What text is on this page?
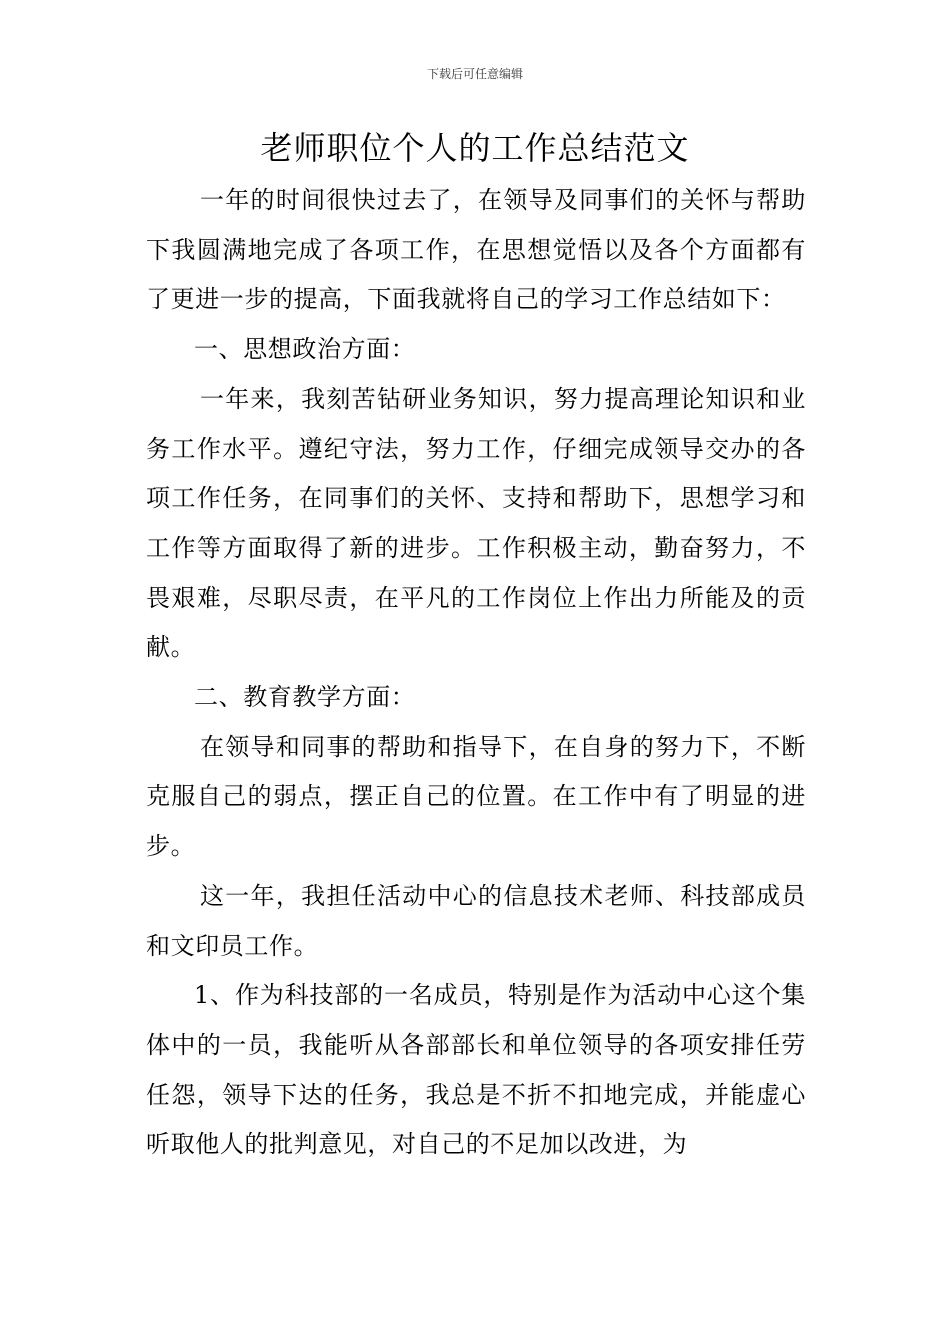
下载后可任意编辑
老师职位个人的工作总结范文

一年的时间很快过去了，在领导及同事们的关怀与帮助下我圆满地完成了各项工作，在思想觉悟以及各个方面都有了更进一步的提高，下面我就将自己的学习工作总结如下：

一、思想政治方面：

一年来，我刻苦钻研业务知识，努力提高理论知识和业务工作水平。遵纪守法，努力工作，仔细完成领导交办的各项工作任务，在同事们的关怀、支持和帮助下，思想学习和工作等方面取得了新的进步。工作积极主动，勤奋努力，不畏艰难，尽职尽责，在平凡的工作岗位上作出力所能及的贡献。

二、教育教学方面：

在领导和同事的帮助和指导下，在自身的努力下，不断克服自己的弱点，摆正自己的位置。在工作中有了明显的进步。

这一年，我担任活动中心的信息技术老师、科技部成员和文印员工作。

1、作为科技部的一名成员，特别是作为活动中心这个集体中的一员，我能听从各部部长和单位领导的各项安排任劳任怨，领导下达的任务，我总是不折不扣地完成，并能虚心听取他人的批判意见，对自己的不足加以改进，为
